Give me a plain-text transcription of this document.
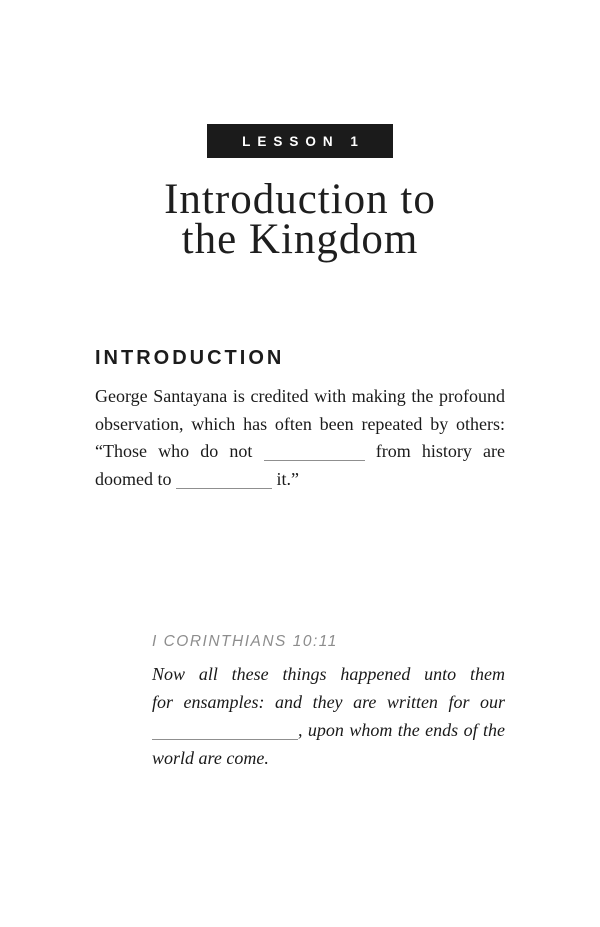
LESSON 1
Introduction to
the Kingdom
INTRODUCTION
George Santayana is credited with making the profound
observation, which has often been repeated by others:
“Those who do not	from history are
doomed to	it.”
I CORINTHIANS 10:11
Now all these things happened unto them
for ensamples: and they are written for our
, upon whom the ends of the
world are come.
